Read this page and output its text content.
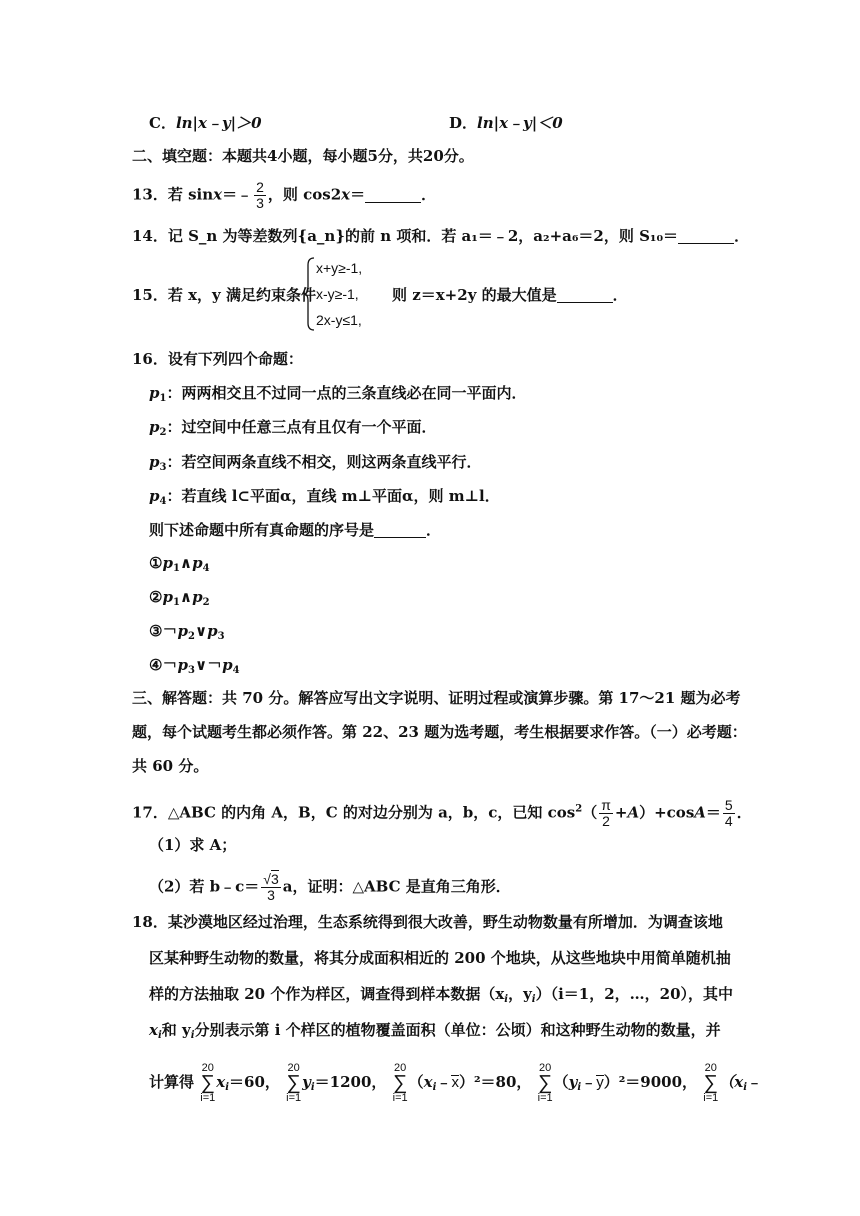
C．ln|x﹣y|＞0	D．ln|x﹣y|＜0
二、填空题：本题共4小题，每小题5分，共20分。
13．若 sinx＝﹣ $\frac{2}{3}$ ，则 cos2x＝	．
14．记 S_n 为等差数列{a_n}的前 n 项和．若 a₁＝﹣2，a₂+a₆＝2，则 S₁₀＝	．
15．若 x，y 满足约束条件
x+y≥-1,
x-y≥-1,
2x-y≤1,
则 z＝x+2y 的最大值是	．
16．设有下列四个命题：
$p_1$：两两相交且不过同一点的三条直线必在同一平面内．
$p_2$：过空间中任意三点有且仅有一个平面．
$p_3$：若空间两条直线不相交，则这两条直线平行．
$p_4$：若直线 l⊂平面α，直线 m⊥平面α，则 m⊥l．
则下述命题中所有真命题的序号是	．
$①p_1\wedge p_4$
$②p_1\wedge p_2$
③￢$p_2\vee p_3$
④￢$p_3\vee$￢$p_4$
三、解答题：共 70 分。解答应写出文字说明、证明过程或演算步骤。第 17～21 题为必考
题，每个试题考生都必须作答。第 22、23 题为选考题，考生根据要求作答。（一）必考题：
共 60 分。
17．△ABC 的内角 A，B，C 的对边分别为 a，b，c，已知 $\cos^2( \frac{\pi}{2} +A)+\cos A= \frac{5}{4}$ ．
（1）求 A；
（2）若 b﹣c＝ $\frac{√3}{3}$ a，证明：△ABC 是直角三角形．
18．某沙漠地区经过治理，生态系统得到很大改善，野生动物数量有所增加．为调查该地
区某种野生动物的数量，将其分成面积相近的 200 个地块，从这些地块中用简单随机抽
样的方法抽取 20 个作为样区，调查得到样本数据（$x_i$，$y_i)(i=1$，2，…，20），其中
$x_i$和 $y_i$分别表示第 i 个样区的植物覆盖面积（单位：公顷）和这种野生动物的数量，并
计算得
20
∑
i=1
$x_i=60$，
20
∑
i=1
$y_i=1200$，
20
∑
i=1
$(x_i﹣x)^2=80$，
20
∑
i=1
$(y_i﹣y)^2=9000$，
20
∑
i=1
（$x_i﹣$
